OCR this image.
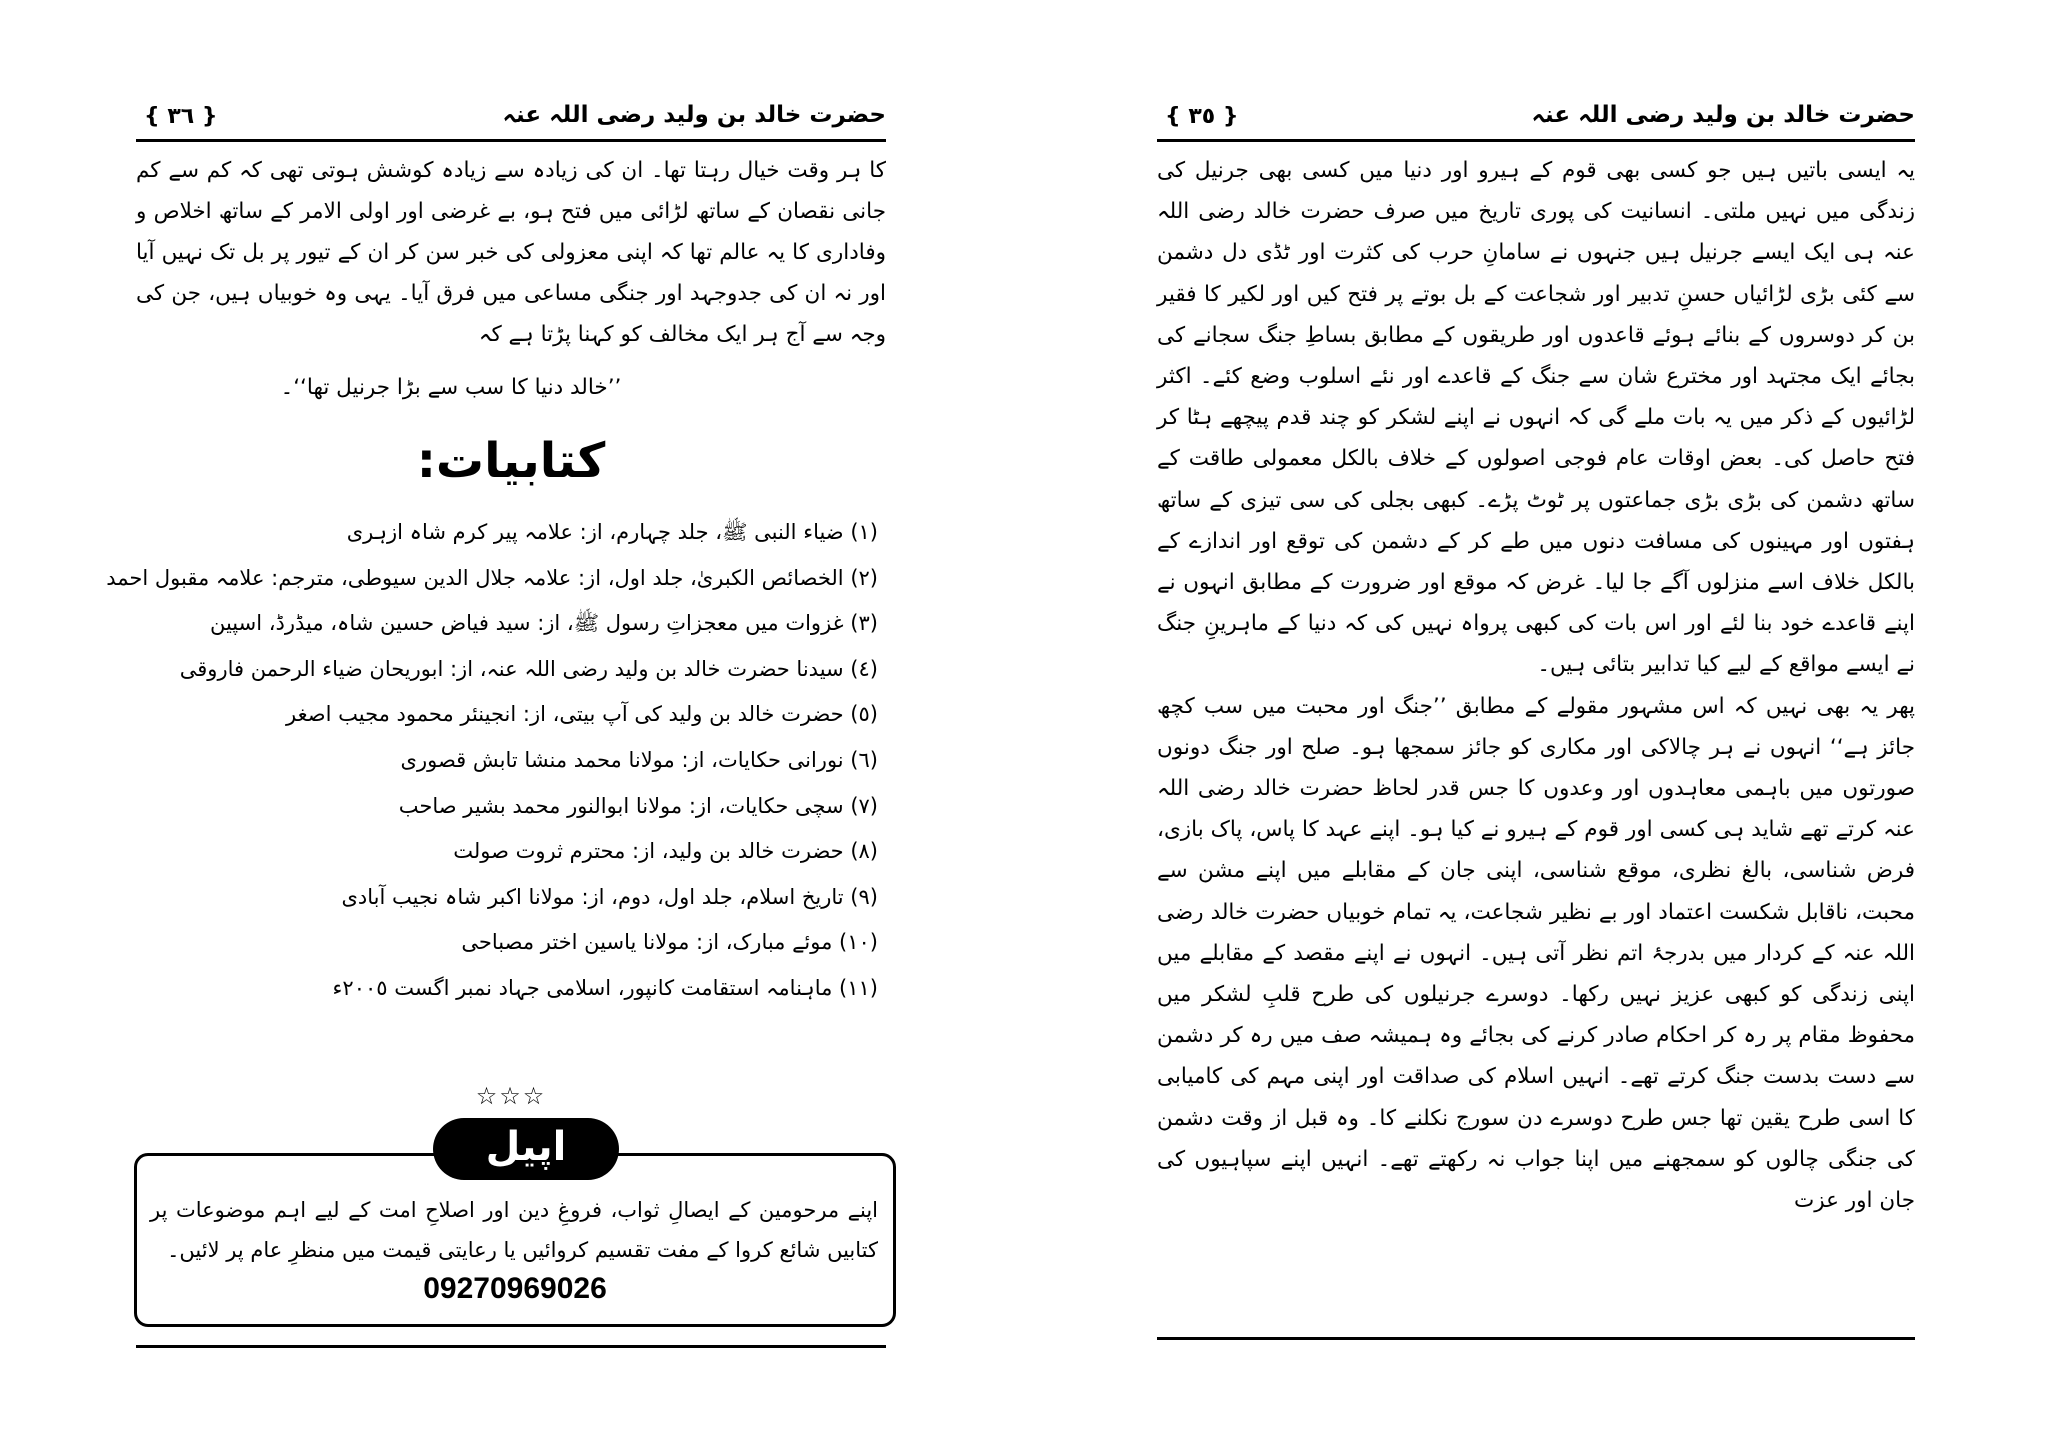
{ ٣٦ }	حضرت خالد بن ولید رضی اللہ عنہ

کا ہر وقت خیال رہتا تھا۔ ان کی زیادہ سے زیادہ کوشش ہوتی تھی کہ کم سے کم جانی نقصان کے ساتھ لڑائی میں فتح ہو، بے غرضی اور اولی الامر کے ساتھ اخلاص و وفاداری کا یہ عالم تھا کہ اپنی معزولی کی خبر سن کر ان کے تیور پر بل تک نہیں آیا اور نہ ان کی جدوجہد اور جنگی مساعی میں فرق آیا۔ یہی وہ خوبیاں ہیں، جن کی وجہ سے آج ہر ایک مخالف کو کہنا پڑتا ہے کہ

’’خالد دنیا کا سب سے بڑا جرنیل تھا‘‘۔
کتابیات:
(١) ضیاء النبی ﷺ، جلد چہارم، از: علامہ پیر کرم شاہ ازہری
(٢) الخصائص الکبریٰ، جلد اول، از: علامہ جلال الدین سیوطی، مترجم: علامہ مقبول احمد
(٣) غزوات میں معجزاتِ رسول ﷺ، از: سید فیاض حسین شاہ، میڈرڈ، اسپین
(٤) سیدنا حضرت خالد بن ولید رضی اللہ عنہ، از: ابوریحان ضیاء الرحمن فاروقی
(٥) حضرت خالد بن ولید کی آپ بیتی، از: انجینئر محمود مجیب اصغر
(٦) نورانی حکایات، از: مولانا محمد منشا تابش قصوری
(٧) سچی حکایات، از: مولانا ابوالنور محمد بشیر صاحب
(٨) حضرت خالد بن ولید، از: محترم ثروت صولت
(٩) تاریخ اسلام، جلد اول، دوم، از: مولانا اکبر شاہ نجیب آبادی
(١٠) موئے مبارک، از: مولانا یاسین اختر مصباحی
(١١) ماہنامہ استقامت کانپور، اسلامی جہاد نمبر اگست ٢٠٠٥ء
☆☆☆
اپیل

اپنے مرحومین کے ایصالِ ثواب، فروغِ دین اور اصلاحِ امت کے لیے اہم موضوعات پر کتابیں شائع کروا کے مفت تقسیم کروائیں یا رعایتی قیمت میں منظرِ عام پر لائیں۔

09270969026
{ ٣٥ }	حضرت خالد بن ولید رضی اللہ عنہ

یہ ایسی باتیں ہیں جو کسی بھی قوم کے ہیرو اور دنیا میں کسی بھی جرنیل کی زندگی میں نہیں ملتی۔ انسانیت کی پوری تاریخ میں صرف حضرت خالد رضی اللہ عنہ ہی ایک ایسے جرنیل ہیں جنہوں نے سامانِ حرب کی کثرت اور ٹڈی دل دشمن سے کئی بڑی لڑائیاں حسنِ تدبیر اور شجاعت کے بل بوتے پر فتح کیں اور لکیر کا فقیر بن کر دوسروں کے بنائے ہوئے قاعدوں اور طریقوں کے مطابق بساطِ جنگ سجانے کی بجائے ایک مجتہد اور مخترع شان سے جنگ کے قاعدے اور نئے اسلوب وضع کئے۔ اکثر لڑائیوں کے ذکر میں یہ بات ملے گی کہ انہوں نے اپنے لشکر کو چند قدم پیچھے ہٹا کر فتح حاصل کی۔ بعض اوقات عام فوجی اصولوں کے خلاف بالکل معمولی طاقت کے ساتھ دشمن کی بڑی بڑی جماعتوں پر ٹوٹ پڑے۔ کبھی بجلی کی سی تیزی کے ساتھ ہفتوں اور مہینوں کی مسافت دنوں میں طے کر کے دشمن کی توقع اور اندازے کے بالکل خلاف اسے منزلوں آگے جا لیا۔ غرض کہ موقع اور ضرورت کے مطابق انہوں نے اپنے قاعدے خود بنا لئے اور اس بات کی کبھی پرواہ نہیں کی کہ دنیا کے ماہرینِ جنگ نے ایسے مواقع کے لیے کیا تدابیر بتائی ہیں۔

پھر یہ بھی نہیں کہ اس مشہور مقولے کے مطابق ’’جنگ اور محبت میں سب کچھ جائز ہے‘‘ انہوں نے ہر چالاکی اور مکاری کو جائز سمجھا ہو۔ صلح اور جنگ دونوں صورتوں میں باہمی معاہدوں اور وعدوں کا جس قدر لحاظ حضرت خالد رضی اللہ عنہ کرتے تھے شاید ہی کسی اور قوم کے ہیرو نے کیا ہو۔ اپنے عہد کا پاس، پاک بازی، فرض شناسی، بالغ نظری، موقع شناسی، اپنی جان کے مقابلے میں اپنے مشن سے محبت، ناقابل شکست اعتماد اور بے نظیر شجاعت، یہ تمام خوبیاں حضرت خالد رضی اللہ عنہ کے کردار میں بدرجۂ اتم نظر آتی ہیں۔ انہوں نے اپنے مقصد کے مقابلے میں اپنی زندگی کو کبھی عزیز نہیں رکھا۔ دوسرے جرنیلوں کی طرح قلبِ لشکر میں محفوظ مقام پر رہ کر احکام صادر کرنے کی بجائے وہ ہمیشہ صف میں رہ کر دشمن سے دست بدست جنگ کرتے تھے۔ انہیں اسلام کی صداقت اور اپنی مہم کی کامیابی کا اسی طرح یقین تھا جس طرح دوسرے دن سورج نکلنے کا۔ وہ قبل از وقت دشمن کی جنگی چالوں کو سمجھنے میں اپنا جواب نہ رکھتے تھے۔ انہیں اپنے سپاہیوں کی جان اور عزت
